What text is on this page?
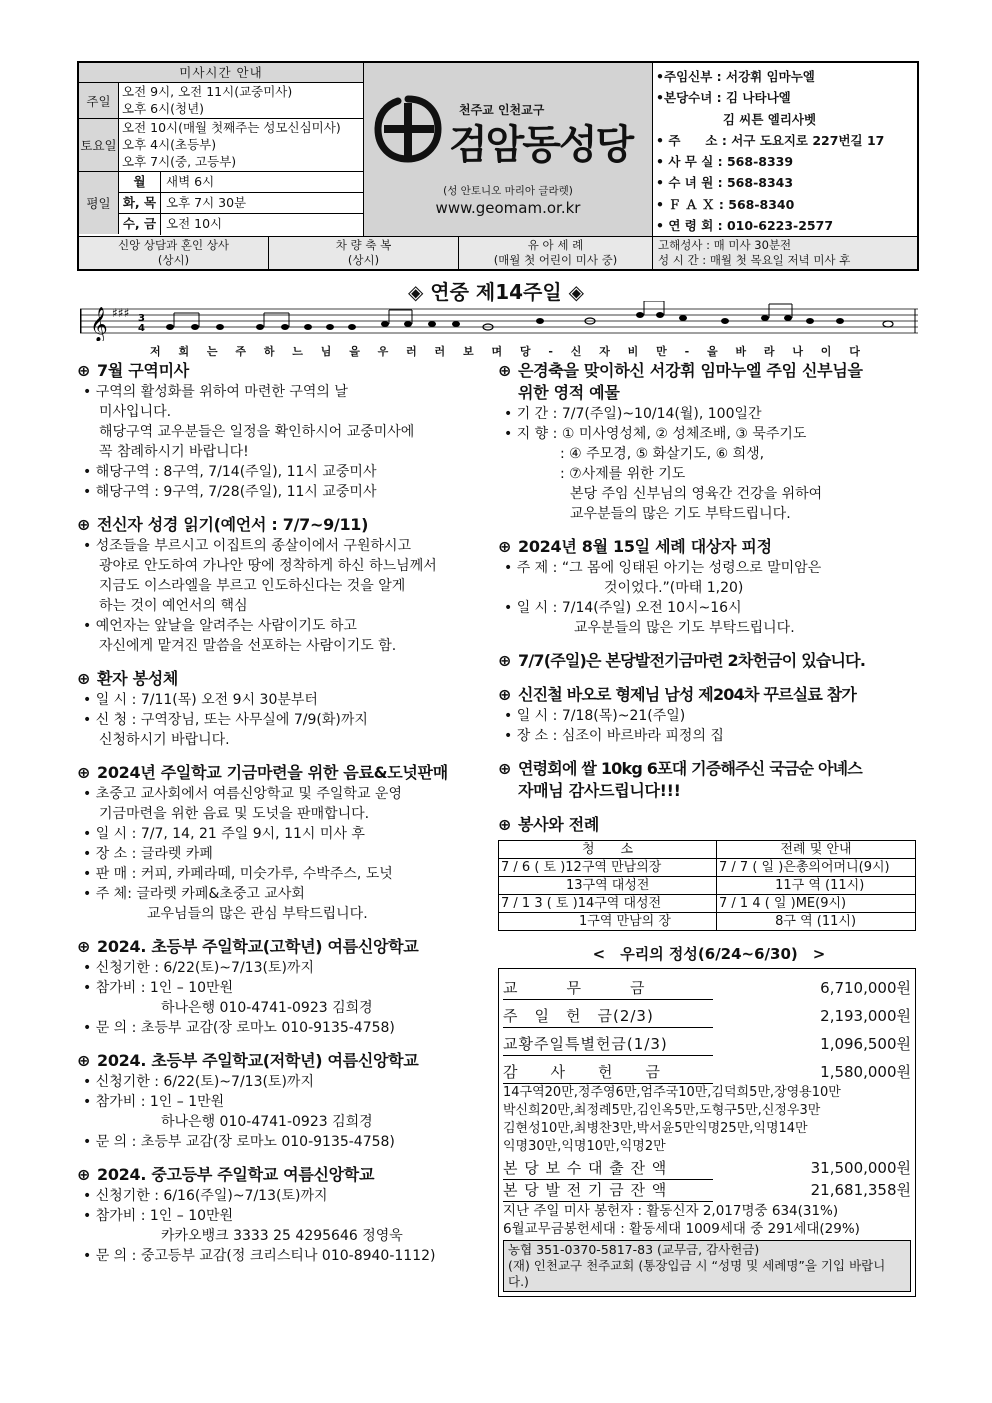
미사시간 안내
주일
오전 9시, 오전 11시(교중미사)
오후 6시(청년)
토요일
오전 10시(매월 첫째주는 성모신심미사)
오후 4시(초등부)
오후 7시(중, 고등부)
평일
월	새벽 6시
화, 목 오후 7시 30분
수, 금 오전 10시
천주교 인천교구
검암동성당
(성 안토니오 마리아 글라렛)
www.geomam.or.kr
•주임신부 : 서강휘 임마누엘
•본당수녀 : 김 나타나엘
　　　　　 김 씨튼 엘리사벳
• 주　　소 : 서구 도요지로 227번길 17
• 사 무 실 : 568-8339
• 수 녀 원 : 568-8343
• Ｆ Ａ Ｘ : 568-8340
• 연 령 회 : 010-6223-2577
신앙 상담과 혼인 상사
(상시)
차 량 축 복
(상시)
유 아 세 례
(매월 첫 어린이 미사 중)
고해성사 : 매 미사 30분전
성 시 간 : 매월 첫 목요일 저녁 미사 후
◈ 연중 제14주일 ◈
𝄞 ♯♯♯ 3
4
저 희 는 주 하 느 님 을 우 러 러 보 며 당 - 신 자 비 만 - 을 바 라 나 이 다
⊕ 7월 구역미사
• 구역의 활성화를 위하여 마련한 구역의 날
미사입니다.
해당구역 교우분들은 일정을 확인하시어 교중미사에
꼭 참례하시기 바랍니다!
• 해당구역 : 8구역, 7/14(주일), 11시 교중미사
• 해당구역 : 9구역, 7/28(주일), 11시 교중미사
⊕ 전신자 성경 읽기(예언서 : 7/7~9/11)
• 성조들을 부르시고 이집트의 종살이에서 구원하시고
광야로 안도하여 가나안 땅에 정착하게 하신 하느님께서
지금도 이스라엘을 부르고 인도하신다는 것을 알게
하는 것이 예언서의 핵심
• 예언자는 앞날을 알려주는 사람이기도 하고
자신에게 맡겨진 말씀을 선포하는 사람이기도 함.
⊕ 환자 봉성체
• 일 시 : 7/11(목) 오전 9시 30분부터
• 신 청 : 구역장님, 또는 사무실에 7/9(화)까지
신청하시기 바랍니다.
⊕ 2024년 주일학교 기금마련을 위한 음료&도넛판매
• 초중고 교사회에서 여름신앙학교 및 주일학교 운영
기금마련을 위한 음료 및 도넛을 판매합니다.
• 일 시 : 7/7, 14, 21 주일 9시, 11시 미사 후
• 장 소 : 글라렛 카페
• 판 매 : 커피, 카페라떼, 미숫가루, 수박주스, 도넛
• 주 체: 글라렛 카페&초중고 교사회
교우님들의 많은 관심 부탁드립니다.
⊕ 2024. 초등부 주일학교(고학년) 여름신앙학교
• 신청기한 : 6/22(토)~7/13(토)까지
• 참가비 : 1인 – 10만원
하나은행 010-4741-0923 김희경
• 문 의 : 초등부 교감(장 로마노 010-9135-4758)
⊕ 2024. 초등부 주일학교(저학년) 여름신앙학교
• 신청기한 : 6/22(토)~7/13(토)까지
• 참가비 : 1인 – 1만원
하나은행 010-4741-0923 김희경
• 문 의 : 초등부 교감(장 로마노 010-9135-4758)
⊕ 2024. 중고등부 주일학교 여름신앙학교
• 신청기한 : 6/16(주일)~7/13(토)까지
• 참가비 : 1인 – 10만원
카카오뱅크 3333 25 4295646 정영욱
• 문 의 : 중고등부 교감(정 크리스티나 010-8940-1112)
⊕ 은경축을 맞이하신 서강휘 임마누엘 주임 신부님을
위한 영적 예물
• 기 간 : 7/7(주일)~10/14(월), 100일간
• 지 향 : ① 미사영성체, ② 성체조배, ③ 묵주기도
: ④ 주모경, ⑤ 화살기도, ⑥ 희생,
: ⑦사제를 위한 기도
본당 주임 신부님의 영육간 건강을 위하여
교우분들의 많은 기도 부탁드립니다.
⊕ 2024년 8월 15일 세례 대상자 피정
• 주 제 : “그 몸에 잉태된 아기는 성령으로 말미암은
것이었다.”(마태 1,20)
• 일 시 : 7/14(주일) 오전 10시~16시
교우분들의 많은 기도 부탁드립니다.
⊕ 7/7(주일)은 본당발전기금마련 2차헌금이 있습니다.
⊕ 신진철 바오로 형제님 남성 제204차 꾸르실료 참가
• 일 시 : 7/18(목)~21(주일)
• 장 소 : 심조이 바르바라 피정의 집
⊕ 연령회에 쌀 10kg 6포대 기증해주신 국금순 아녜스
자매님 감사드립니다!!!
⊕ 봉사와 전례
청　　소	전례 및 안내
7 / 6 ( 토 )12구역 만남의장	7 / 7 ( 일 )은총의어머니(9시)
　　　　　13구역 대성전	　　　　 11구 역 (11시)
7 / 1 3 ( 토 )14구역 대성전	7 / 1 4 ( 일 )ME(9시)
　　　　　　1구역 만남의 장	　　　　 8구 역 (11시)
<　우리의 정성(6/24~6/30)　>
교　　　무　　　금	6,710,000원
주　일　헌　금(2/3)	2,193,000원
교황주일특별헌금(1/3)	1,096,500원
감　　사　　헌　　금	1,580,000원
14구역20만,정주영6만,엄주국10만,김덕희5만,장영용10만
박신희20만,최정례5만,김인옥5만,도형구5만,신정우3만
김현성10만,최병찬3만,박서윤5만익명25만,익명14만
익명30만,익명10만,익명2만
본 당 보 수 대 출 잔 액	31,500,000원
본 당 발 전 기 금 잔 액	21,681,358원
지난 주일 미사 봉헌자 : 활동신자 2,017명중 634(31%)
6월교무금봉헌세대 : 활동세대 1009세대 중 291세대(29%)
농협 351-0370-5817-83 (교무금, 감사헌금)
(재) 인천교구 천주교회 (통장입금 시 “성명 및 세례명”을 기입 바랍니다.)
